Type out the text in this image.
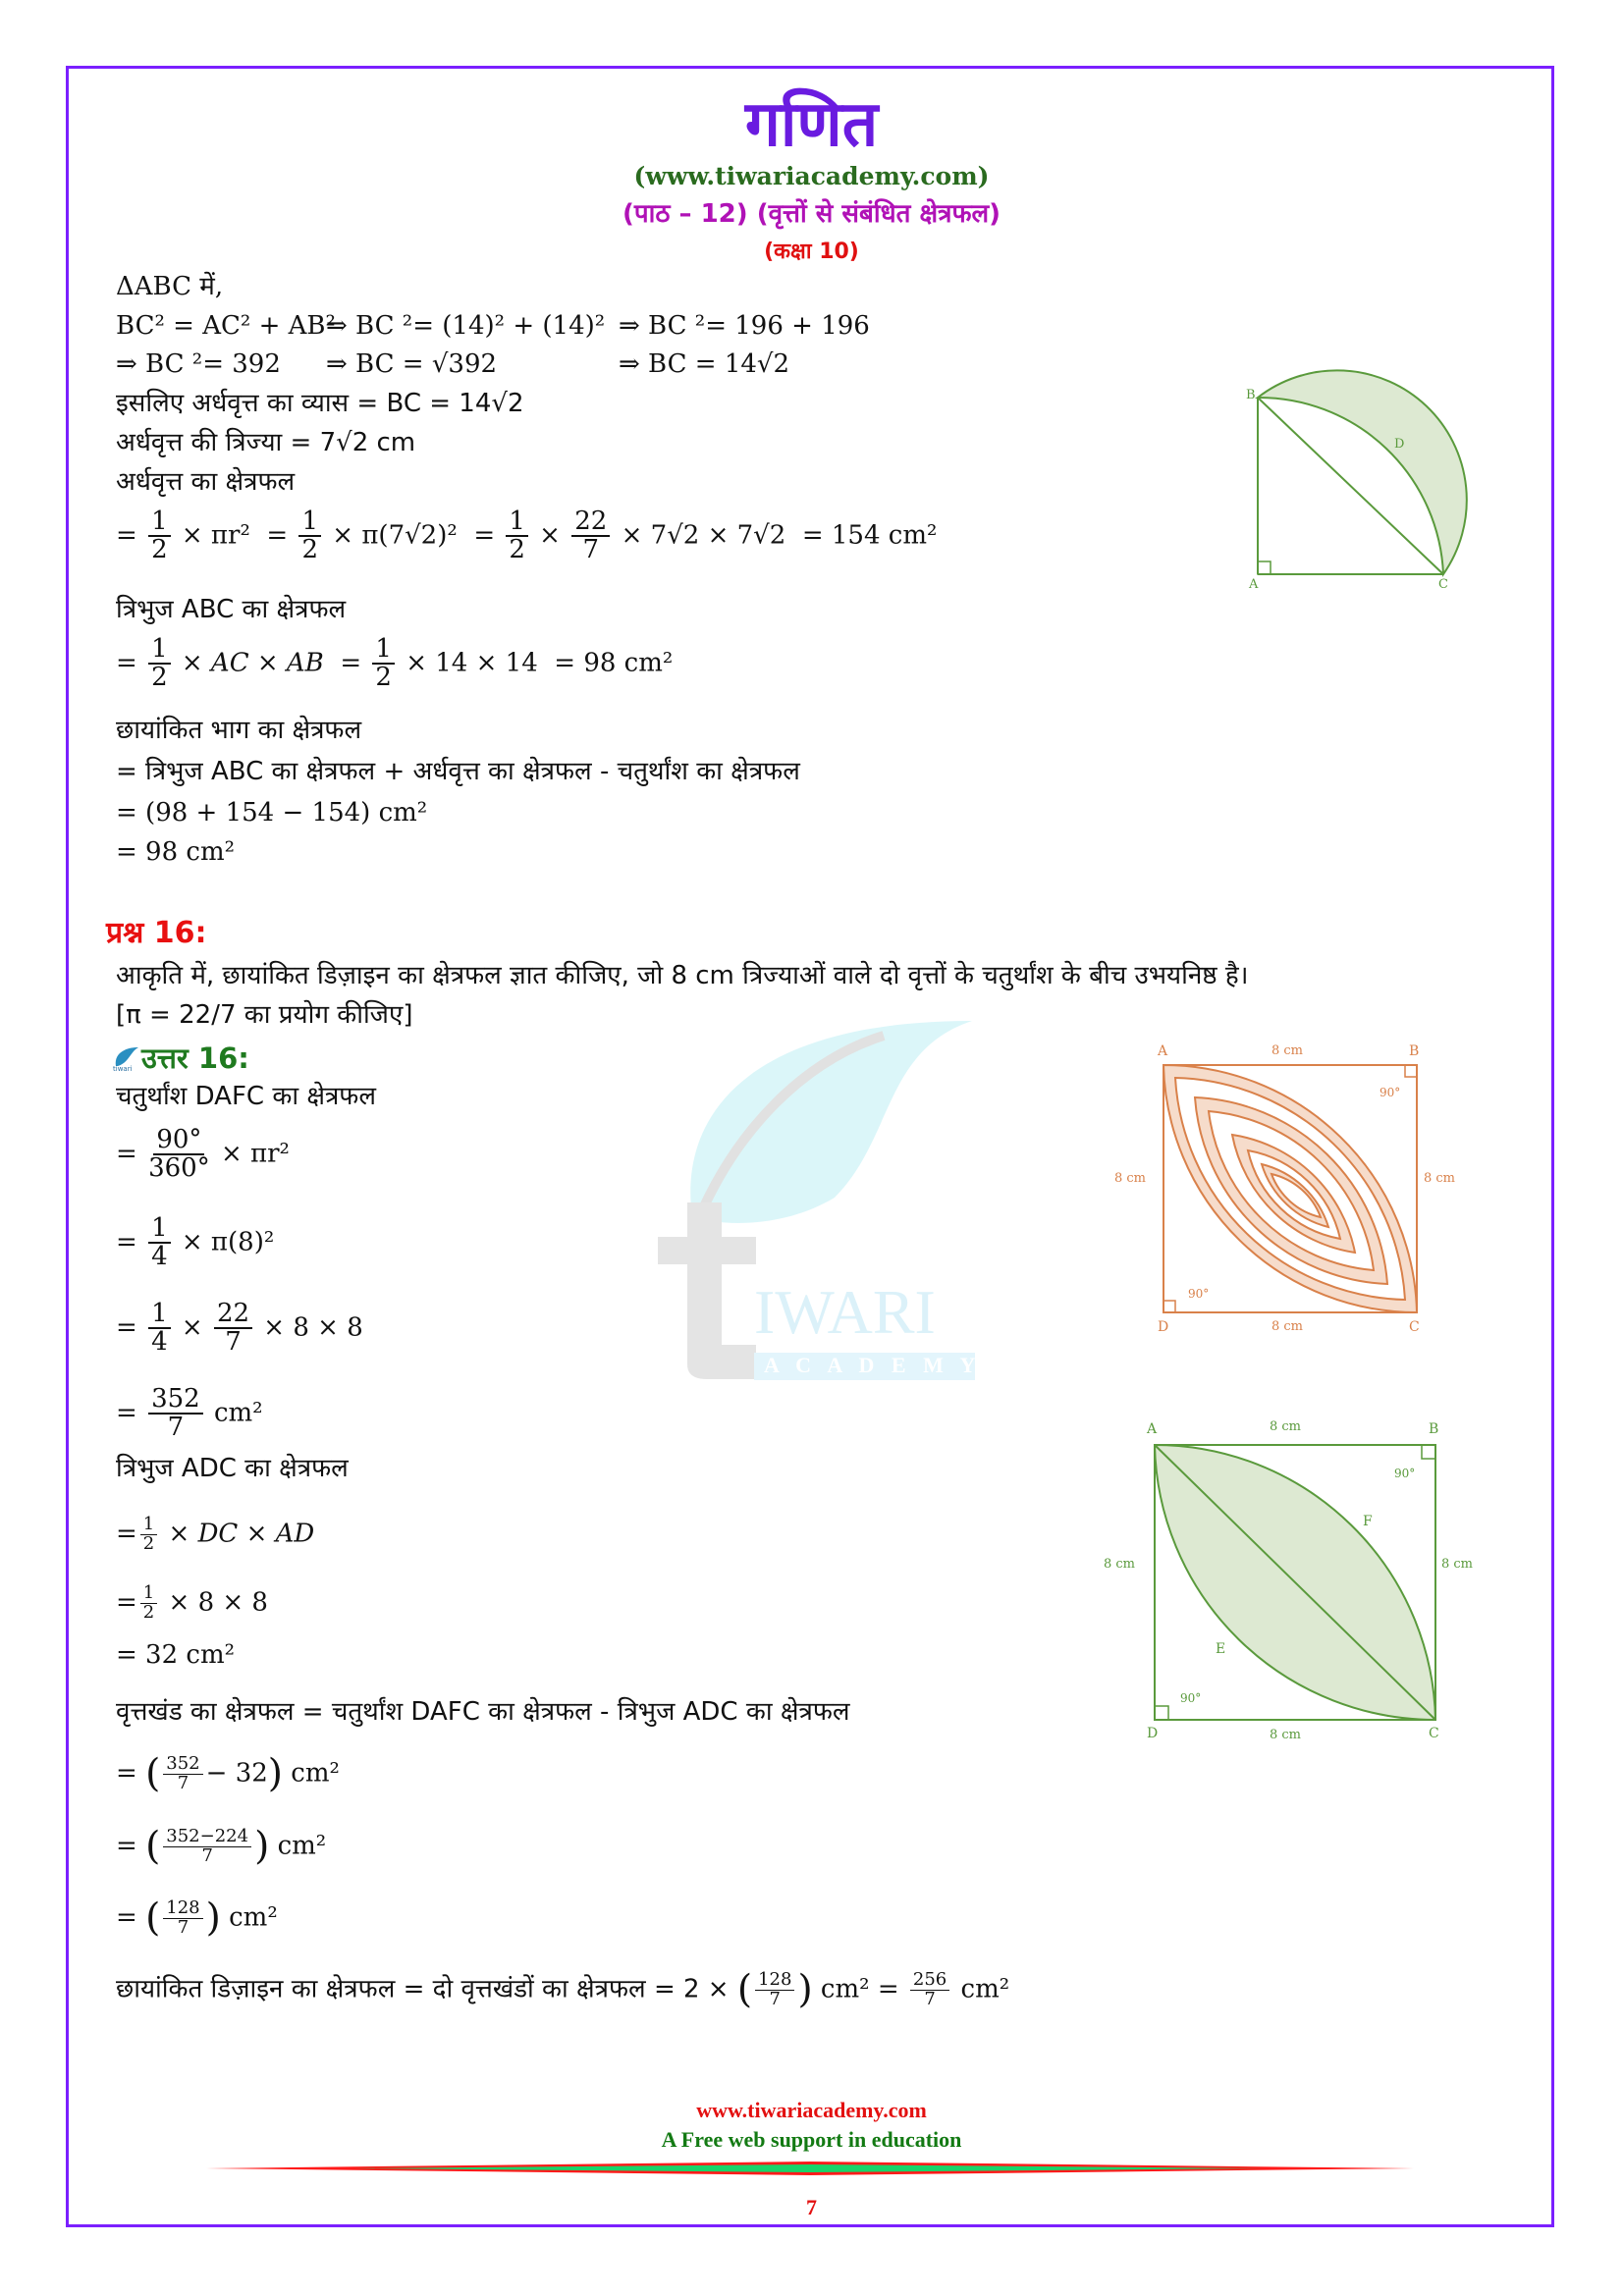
IWARI
A C A D E M Y
गणित
(www.tiwariacademy.com)
(पाठ – 12) (वृत्तों से संबंधित क्षेत्रफल)
(कक्षा 10)
ΔABC में,
BC² = AC² + AB²
⇒ BC ²= (14)² + (14)² ⇒ BC ²= 196 + 196
⇒ BC ²= 392 ⇒ BC = √392	⇒ BC = 14√2
इसलिए अर्धवृत्त का व्यास = BC = 14√2
अर्धवृत्त की त्रिज्या = 7√2 cm
अर्धवृत्त का क्षेत्रफल
= $\frac{1}{2} \times \pi r^2 = \frac{1}{2} \times \pi(7√2)^2 = \frac{1}{2} \times \frac{22}{7} \times 7√2 \times 7√2 = 154$ cm²
त्रिभुज ABC का क्षेत्रफल
= $\frac{1}{2}$ × AC × AB = $\frac{1}{2} \times 14 \times 14 = 98$ cm²
छायांकित भाग का क्षेत्रफल
= त्रिभुज ABC का क्षेत्रफल + अर्धवृत्त का क्षेत्रफल - चतुर्थांश का क्षेत्रफल
= (98 + 154 − 154) cm²
= 98 cm²
B
D
A	C
प्रश्न 16:
आकृति में, छायांकित डिज़ाइन का क्षेत्रफल ज्ञात कीजिए, जो 8 cm त्रिज्याओं वाले दो वृत्तों के चतुर्थांश के बीच उभयनिष्ठ है।
[π = 22/7 का प्रयोग कीजिए]
tiwari उत्तर 16:
चतुर्थांश DAFC का क्षेत्रफल
= $\frac{90^\circ}{360^\circ} \times \pi r^2$
= $\frac{1}{4} \times \pi(8)^2$
= $\frac{1}{4} \times \frac{22}{7} \times 8 \times 8$
= $\frac{352}{7} cm^2$
त्रिभुज ADC का क्षेत्रफल
= $\frac{1}{2}$ × DC × AD
= $\frac{1}{2} \times 8 \times 8$
= 32 cm²
वृत्तखंड का क्षेत्रफल = चतुर्थांश DAFC का क्षेत्रफल - त्रिभुज ADC का क्षेत्रफल
= ( $\frac{352}{7} - 32$) cm²
= ( $\frac{352-224}{7}$ ) cm²
= ( $\frac{128}{7}$ ) cm²
छायांकित डिज़ाइन का क्षेत्रफल = दो वृत्तखंडों का क्षेत्रफल = 2 × ( $\frac{128}{7}$ ) $cm^2 = \frac{256}{7} cm^2$
A	B
D	C
8 cm
8 cm
8 cm	8 cm
90°
90°
A	B
D	C
F
E
8 cm
8 cm
8 cm	8 cm
90°
90°
www.tiwariacademy.com
A Free web support in education
7
